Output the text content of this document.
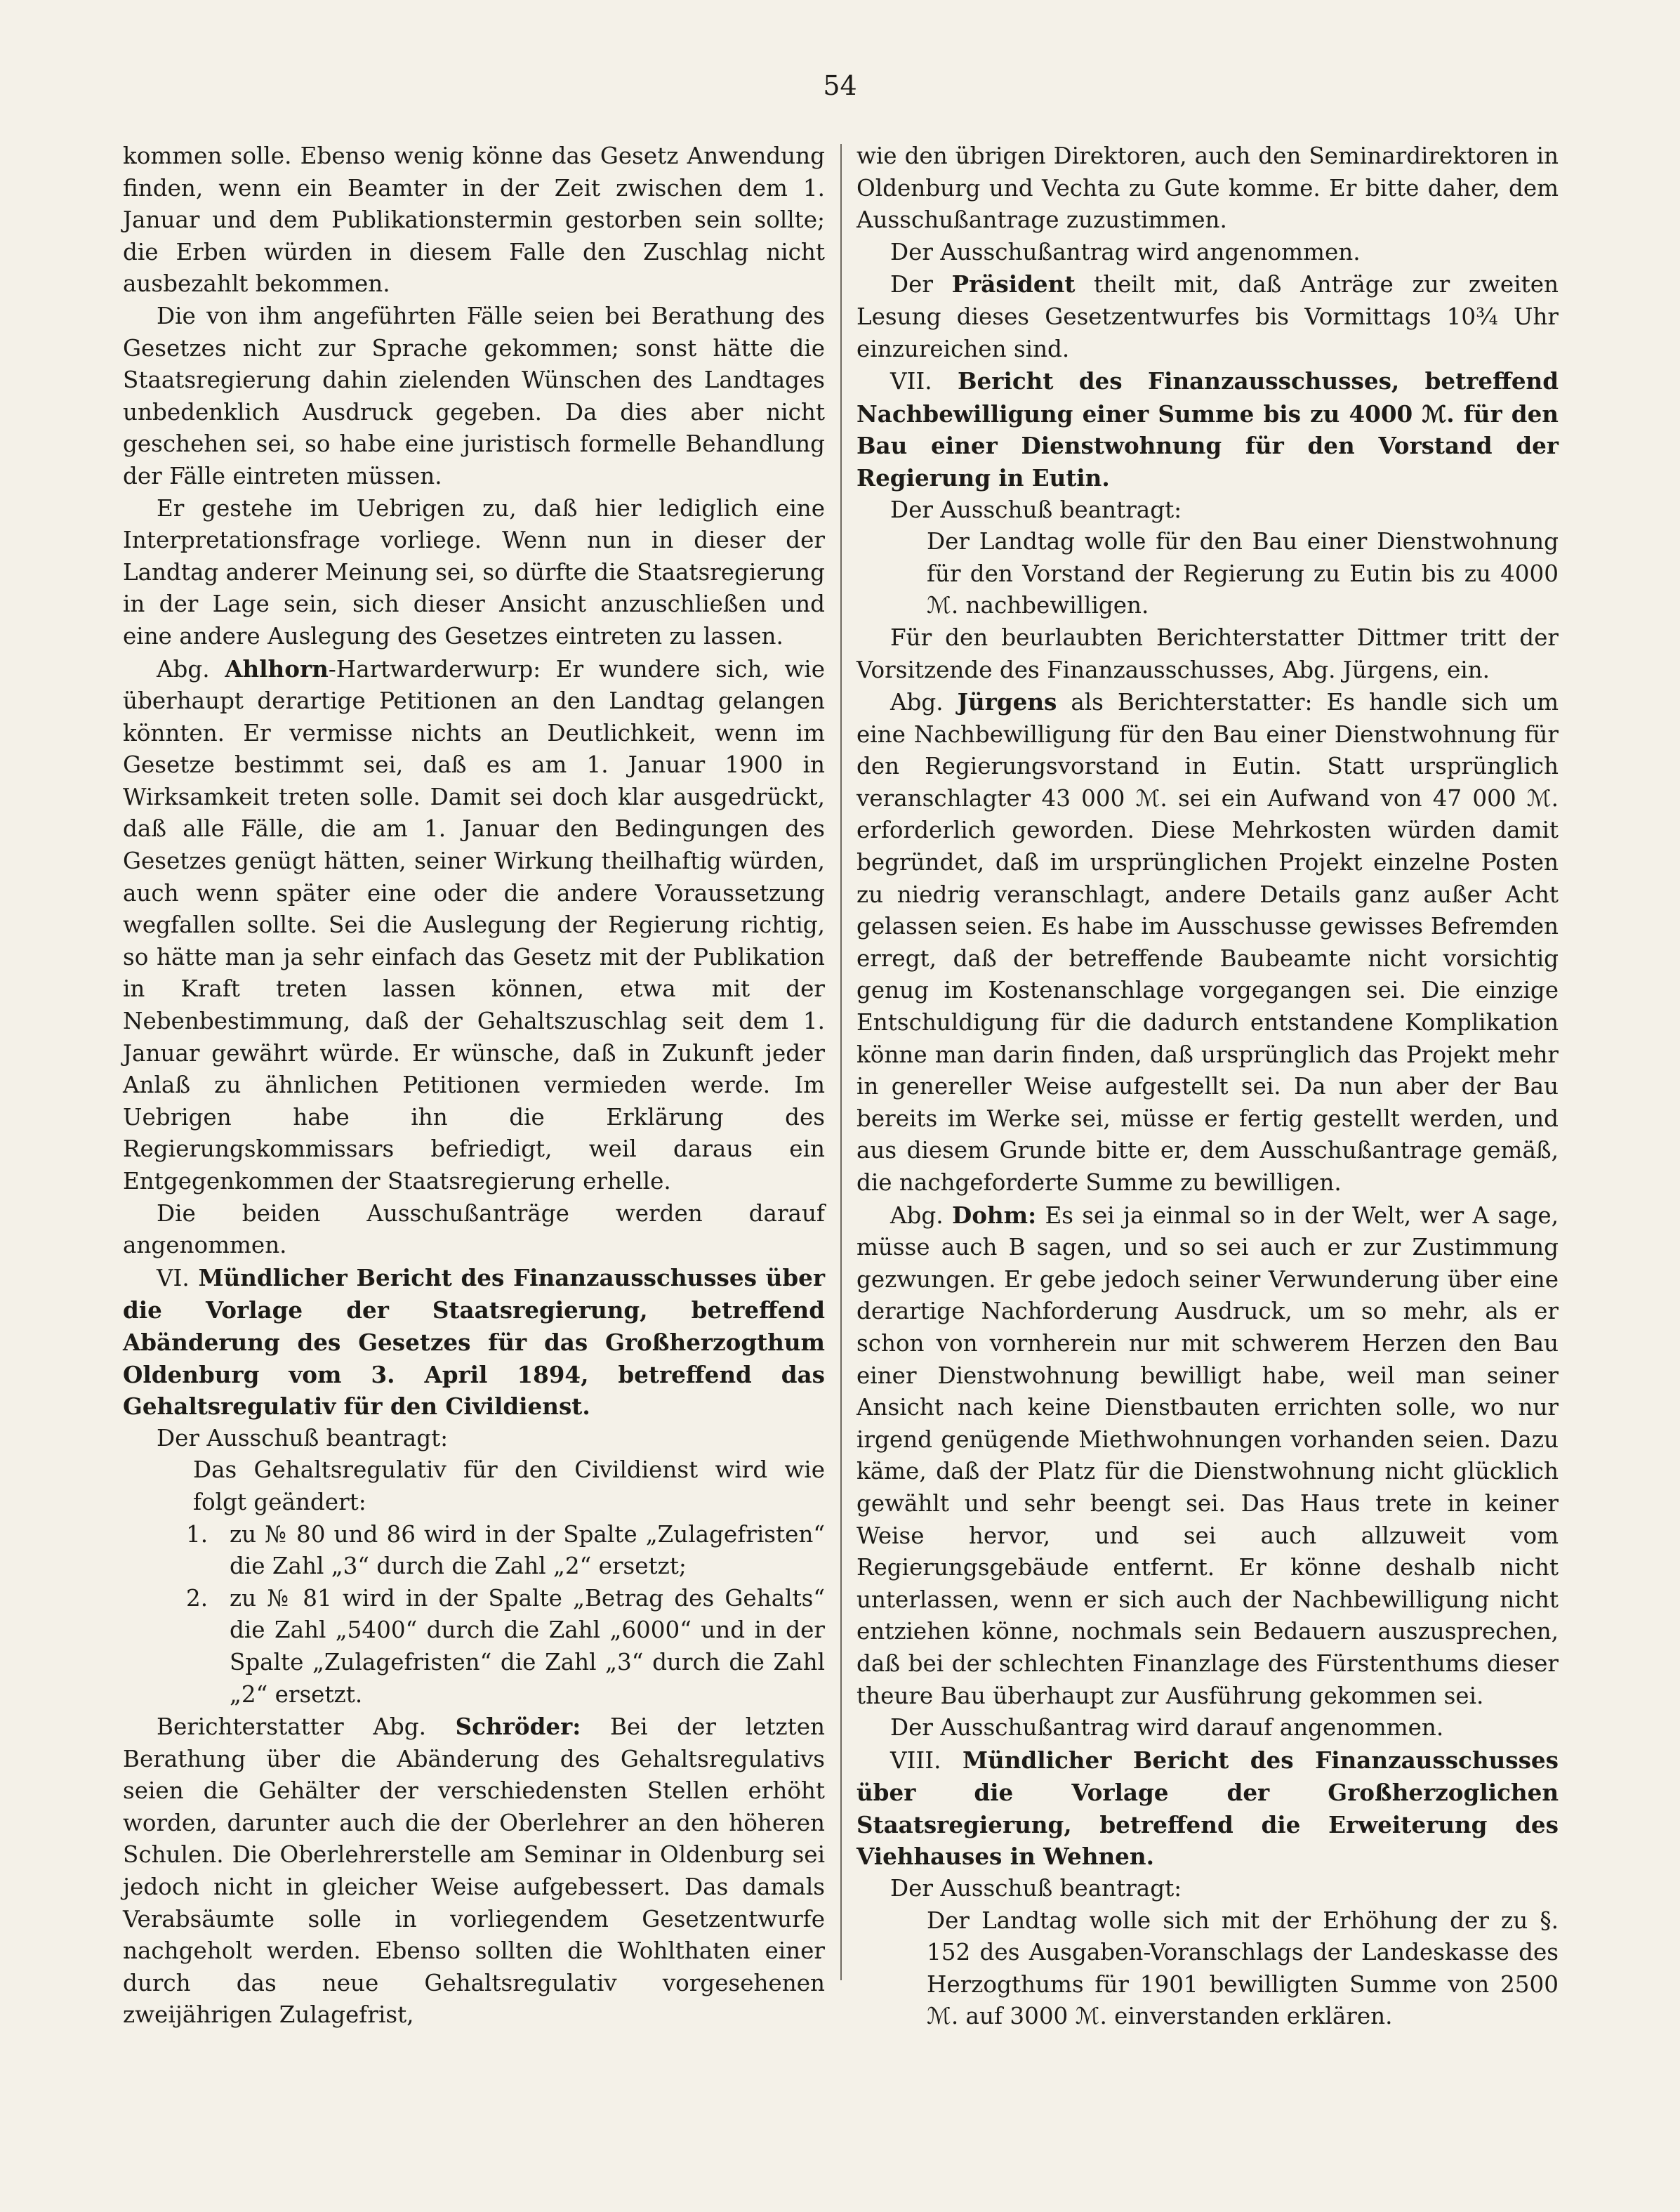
54

kommen solle. Ebenso wenig könne das Gesetz Anwendung finden, wenn ein Beamter in der Zeit zwischen dem 1. Januar und dem Publikationstermin gestorben sein sollte; die Erben würden in diesem Falle den Zuschlag nicht ausbezahlt bekommen.

Die von ihm angeführten Fälle seien bei Berathung des Gesetzes nicht zur Sprache gekommen; sonst hätte die Staatsregierung dahin zielenden Wünschen des Landtages unbedenklich Ausdruck gegeben. Da dies aber nicht geschehen sei, so habe eine juristisch formelle Behandlung der Fälle eintreten müssen.

Er gestehe im Uebrigen zu, daß hier lediglich eine Interpretationsfrage vorliege. Wenn nun in dieser der Landtag anderer Meinung sei, so dürfte die Staatsregierung in der Lage sein, sich dieser Ansicht anzuschließen und eine andere Auslegung des Gesetzes eintreten zu lassen.

Abg. Ahlhorn-Hartwarderwurp: Er wundere sich, wie überhaupt derartige Petitionen an den Landtag gelangen könnten. Er vermisse nichts an Deutlichkeit, wenn im Gesetze bestimmt sei, daß es am 1. Januar 1900 in Wirksamkeit treten solle. Damit sei doch klar ausgedrückt, daß alle Fälle, die am 1. Januar den Bedingungen des Gesetzes genügt hätten, seiner Wirkung theilhaftig würden, auch wenn später eine oder die andere Voraussetzung wegfallen sollte. Sei die Auslegung der Regierung richtig, so hätte man ja sehr einfach das Gesetz mit der Publikation in Kraft treten lassen können, etwa mit der Nebenbestimmung, daß der Gehaltszuschlag seit dem 1. Januar gewährt würde. Er wünsche, daß in Zukunft jeder Anlaß zu ähnlichen Petitionen vermieden werde. Im Uebrigen habe ihn die Erklärung des Regierungskommissars befriedigt, weil daraus ein Entgegenkommen der Staatsregierung erhelle.

Die beiden Ausschußanträge werden darauf angenommen.

VI. Mündlicher Bericht des Finanzausschusses über die Vorlage der Staatsregierung, betreffend Abänderung des Gesetzes für das Großherzogthum Oldenburg vom 3. April 1894, betreffend das Gehaltsregulativ für den Civildienst.

Der Ausschuß beantragt:

Das Gehaltsregulativ für den Civildienst wird wie folgt geändert:

1. zu № 80 und 86 wird in der Spalte „Zulagefristen“ die Zahl „3“ durch die Zahl „2“ ersetzt;
2. zu № 81 wird in der Spalte „Betrag des Gehalts“ die Zahl „5400“ durch die Zahl „6000“ und in der Spalte „Zulagefristen“ die Zahl „3“ durch die Zahl „2“ ersetzt.

Berichterstatter Abg. Schröder: Bei der letzten Berathung über die Abänderung des Gehaltsregulativs seien die Gehälter der verschiedensten Stellen erhöht worden, darunter auch die der Oberlehrer an den höheren Schulen. Die Oberlehrerstelle am Seminar in Oldenburg sei jedoch nicht in gleicher Weise aufgebessert. Das damals Verabsäumte solle in vorliegendem Gesetzentwurfe nachgeholt werden. Ebenso sollten die Wohlthaten einer durch das neue Gehaltsregulativ vorgesehenen zweijährigen Zulagefrist,

wie den übrigen Direktoren, auch den Seminardirektoren in Oldenburg und Vechta zu Gute komme. Er bitte daher, dem Ausschußantrage zuzustimmen.

Der Ausschußantrag wird angenommen.

Der Präsident theilt mit, daß Anträge zur zweiten Lesung dieses Gesetzentwurfes bis Vormittags 10¾ Uhr einzureichen sind.

VII. Bericht des Finanzausschusses, betreffend Nachbewilligung einer Summe bis zu 4000 ℳ. für den Bau einer Dienstwohnung für den Vorstand der Regierung in Eutin.

Der Ausschuß beantragt:

Der Landtag wolle für den Bau einer Dienstwohnung für den Vorstand der Regierung zu Eutin bis zu 4000 ℳ. nachbewilligen.

Für den beurlaubten Berichterstatter Dittmer tritt der Vorsitzende des Finanzausschusses, Abg. Jürgens, ein.

Abg. Jürgens als Berichterstatter: Es handle sich um eine Nachbewilligung für den Bau einer Dienstwohnung für den Regierungsvorstand in Eutin. Statt ursprünglich veranschlagter 43 000 ℳ. sei ein Aufwand von 47 000 ℳ. erforderlich geworden. Diese Mehrkosten würden damit begründet, daß im ursprünglichen Projekt einzelne Posten zu niedrig veranschlagt, andere Details ganz außer Acht gelassen seien. Es habe im Ausschusse gewisses Befremden erregt, daß der betreffende Baubeamte nicht vorsichtig genug im Kostenanschlage vorgegangen sei. Die einzige Entschuldigung für die dadurch entstandene Komplikation könne man darin finden, daß ursprünglich das Projekt mehr in genereller Weise aufgestellt sei. Da nun aber der Bau bereits im Werke sei, müsse er fertig gestellt werden, und aus diesem Grunde bitte er, dem Ausschußantrage gemäß, die nachgeforderte Summe zu bewilligen.

Abg. Dohm: Es sei ja einmal so in der Welt, wer A sage, müsse auch B sagen, und so sei auch er zur Zustimmung gezwungen. Er gebe jedoch seiner Verwunderung über eine derartige Nachforderung Ausdruck, um so mehr, als er schon von vornherein nur mit schwerem Herzen den Bau einer Dienstwohnung bewilligt habe, weil man seiner Ansicht nach keine Dienstbauten errichten solle, wo nur irgend genügende Miethwohnungen vorhanden seien. Dazu käme, daß der Platz für die Dienstwohnung nicht glücklich gewählt und sehr beengt sei. Das Haus trete in keiner Weise hervor, und sei auch allzuweit vom Regierungsgebäude entfernt. Er könne deshalb nicht unterlassen, wenn er sich auch der Nachbewilligung nicht entziehen könne, nochmals sein Bedauern auszusprechen, daß bei der schlechten Finanzlage des Fürstenthums dieser theure Bau überhaupt zur Ausführung gekommen sei.

Der Ausschußantrag wird darauf angenommen.

VIII. Mündlicher Bericht des Finanzausschusses über die Vorlage der Großherzoglichen Staatsregierung, betreffend die Erweiterung des Viehhauses in Wehnen.

Der Ausschuß beantragt:

Der Landtag wolle sich mit der Erhöhung der zu §. 152 des Ausgaben-Voranschlags der Landeskasse des Herzogthums für 1901 bewilligten Summe von 2500 ℳ. auf 3000 ℳ. einverstanden erklären.
